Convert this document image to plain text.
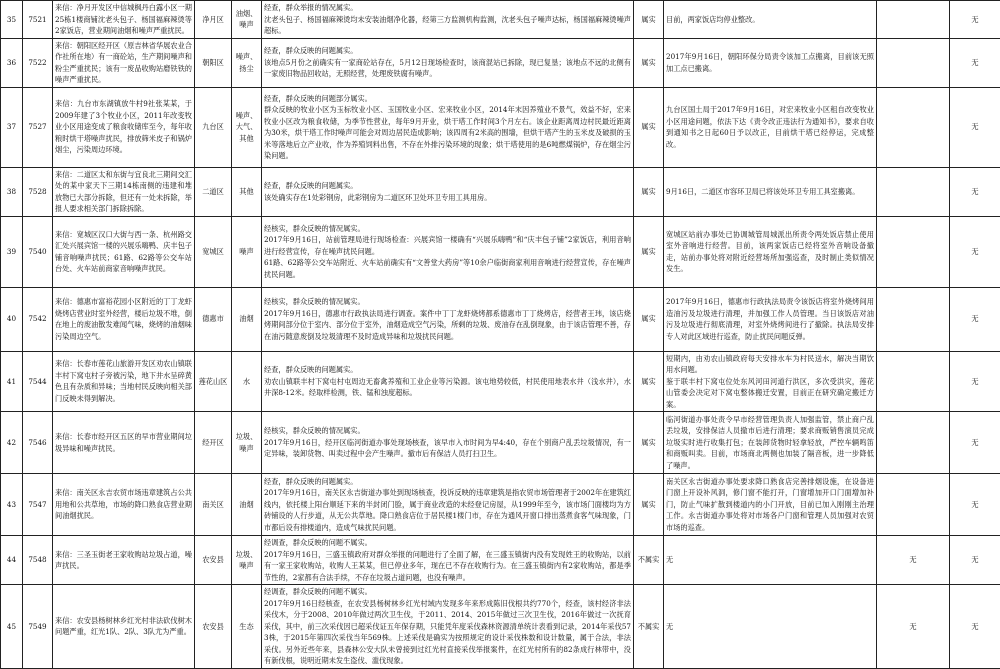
35	7521	来信：净月开发区中信城枫丹白露小区一期25栋1楼商铺沈老头包子、杨国福麻辣烫等2家饭店，营业期间油烟和噪声严重扰民。	净月区	油烟、噪声	经查，群众举报的情况属实。
沈老头包子、杨国福麻辣烫均未安装油烟净化器，经第三方监测机构监测，沈老头包子噪声达标，杨国福麻辣烫噪声超标。	属实	目前，两家饭店均停业整改。		无
36	7522	来信：朝阳区经开区（原吉林省华展农业合作社所在地）有一商砼站，生产期间噪声和粉尘严重扰民；该有一废品收购站磨铁铁的噪声严重扰民。	朝阳区	噪声、扬尘	经查，群众反映的问题属实。
该地点5月份之前确实有一家商砼站存在，5月12日现场检查时，该商混站已拆除，现已复垦；该地点不远的北侧有一家废旧物品回收站，无照经营，处理废铁腐有噪声。	属实	2017年9月16日，朝阳环保分局责令该加工点搬离，目前该无照加工点已搬离。		无
37	7527	来信：九台市东湖镇放牛村9社张某某，于2009年建了3个牧业小区，2011年改变牧业小区用途变成了粮食收储库至今，每年收粮时烘干塔噪声扰民，排放筛米皮子和锅炉烟尘，污染周边环境。	九台区	噪声、大气、其他	经查，群众反映的问题部分属实。
群众反映的牧业小区为玉标牧业小区、玉国牧业小区、宏来牧业小区，2014年末因养殖业不景气，效益不好，宏来牧业小区改为粮食收储，为季节性营业，每年9月开业，烘干塔工作时间3个月左右。该企业距离周边村民最近距离为30米，烘干塔工作时噪声可能会对周边居民造成影响；该四周有2米高的围墙，但烘干塔产生的玉米皮及破损的玉米等落地后立产业收，作为养殖饲料出售，不存在外排污染环境的现象；烘干塔使用的是6吨燃煤锅炉，存在烟尘污染问题。	属实	九台区国土局于2017年9月16日，对宏来牧业小区租自改变牧业小区用途问题，依法下达《责令改正违法行为通知书》，要求自收到通知书之日起60日予以改正，目前烘干塔已经停运，完成整改。		无
38	7528	来信：二道区太和东街与宜良北三期间交汇处的某中家天下三期14栋南侧的违建和堆放物已大部分拆除，但还有一处未拆除，举报人要求相关部门拆除拆除。	二道区	其他	经查，群众反映的问题属实。
该处确实存在1处彩钢房，此彩钢房为二道区环卫处环卫专用工具用房。	属实	9月16日，二道区市容环卫局已将该处环卫专用工具室搬离。		无
39	7540	来信：宽城区汉口大街与西一条、杭州路交汇处兴展宾馆一楼的兴展乐嗨鸭、庆丰包子铺音响噪声扰民；61路、62路等公交车站台处、火车站前商家音响噪声扰民。	宽城区	噪声	经核实，群众反映的情况属实。
2017年9月16日，站前管理局进行现场检查：兴展宾馆一楼确有“兴展乐嗨鸭”和“庆丰包子铺”2家饭店，利用音响进行经营宣传，存在噪声扰民问题。
61路、62路等公交车站附近、火车站前确实有“文善堂大药房”等10余户临街商家利用音响进行经营宣传，存在噪声扰民问题。	属实	宽城区站前办事处已协调城管局城派出所责令两处饭店禁止使用室外音响进行经营。目前，该两家饭店已经将室外音响设备撤走，站前办事处将对附近经营场所加强巡查，及时制止类似情况发生。		无
40	7542	来信：德惠市富裕花园小区附近的丁丁龙虾烧烤店营业时室外经营，楼后垃圾不堆，倒在地上的废油散发难闻气味，烧烤的油烟味污染周边空气。	德惠市	油烟	经核实，群众反映的情况属实。
2017年9月16日，德惠市行政执法局进行调查。案件中丁丁龙虾烧烤都系德惠市丁丁烧烤店，经营者王玮，该店烧烤期间部分位于室内、部分位于室外，油烟造成空气污染，所剩的垃圾、废油存在乱倒现象，由于该店管理不善，存在油污随意废倒及垃圾清理不及时造成异味和垃圾扰民问题。	属实	2017年9月16日，德惠市行政执法局责令该饭店将室外烧烤间用造油污及垃圾进行清理，并加强工作人员管理。当日该饭店对油污及垃圾进行彻底清理，对室外烧烤间进行了撤除。执法局安排专人对此区域进行巡查，防止扰民问题反弹。		无
41	7544	来信：长春市莲花山旅游开发区劝农山镇联丰村下窝屯村子旁被污染，地下井水呈碎黄色且有杂质和异味；当地村民反映向相关部门反映未得到解决。	莲花山区	水	经查，群众反映的问题属实。
劝农山镇联丰村下窝屯村屯周边无畜禽养殖和工业企业等污染源。该屯地势较低，村民使用地表水井（浅水井），水井深8-12米。经取样检测，铁、锰和浊度超标。	属实	短期内，由劝农山镇政府每天安排水车为村民送水，解决当期饮用水问题。
鉴于联丰村下窝屯位处东风河田河道行洪区，多次受洪灾，莲花山管委会决定对下窝屯整体搬迁安置，目前正在研究确定搬迁方案。		无
42	7546	来信：长春市经开区五区的早市营业期间垃圾异味和噪声扰民。	经开区	垃圾、噪声	经核实，群众反映的情况属实。
2017年9月16日，经开区临河街道办事处现场核查，该早市入市时间为早4:40，存在个别商户乱丢垃圾情况，有一定异味，装卸货物、叫卖过程中会产生噪声。撤市后有保洁人员打扫卫生。	属实	临河街道办事处责令早市经营管理负责人加强监管，禁止商户乱丢垃圾，安排保洁人员撤市后进行清理；要求商贩销售演员完成垃圾实时进行收集打包；在装卸货物时轻拿轻放，严控车辆鸣笛和商贩叫卖。目前，市场商北两侧也加装了隔音板，进一步降低了噪声。		无
43	7547	来信：南关区永吉农贸市场违章建筑占公共用地和公共草地，市场的降口熟食店营业期间油烟扰民。	南关区	油烟	经查，群众反映的问题属实。
2017年9月16日，南关区永吉街道办事处到现场核查，投诉反映的违章建筑是指农贸市场管理者于2002年在建筑红线内，依托楼上阳台顺延下来的半封闭门脸，属于商业改造的未经登记房屋，从1999年至今，该市场门面楼均为方砖铺设的人行步道，从无公共草地。降口熟食店位于居民楼1楼门市，存在为通风开窗口排出蒸煮食客气味现象，门市都后设有排楼道内，造成气味扰民问题。	属实	南关区永吉街道办事处要求降口熟食店完善排烟设施，在设备进门窗上开设补风洞，修门窗不能打开，门窗增加开口门面增加补门，防止气味扩散到楼道内的小门开放，目前已加入刚刚主治理工作。永吉街道办事处将对市场各户门窗和管理人员加强对农贸市场的巡查。		无
44	7548	来信：三圣玉街老王家收购站垃圾占道，噪声扰民。	农安县	垃圾、噪声	经调查，群众反映的问题不属实。
2017年9月16日，三盛玉镇政府对群众举报的问题进行了全面了解，在三盛玉镇街内没有发现姓王的收购站，以前有一家王家收购站，收购人王某某，但已停业多年，现在已不存在收购行为。在三盛玉镇街内有2家收购站，都是季节性的，2家都有合法手续，不存在垃圾占道问题，也没有噪声。	不属实	无	无	无
45	7549	来信：农安县杨树林乡红光村非法砍伐树木问题严重，红光1队、2队、3队尤为严重。	农安县	生态	经调查，群众反映的问题不属实。
2017年9月16日经核查，在农安县杨树林乡红光村域内发现多年来形成陈旧伐根共约770个，经查，该村经济非法采伐木，分于2008、2010年做过两次卫生伐，于2011、2014、2015年做过三次卫生伐，2016年做过一次抚育采伐，其中，前三次采伐因已超采伐证五年保存期，只能凭年度采伐森林资源清单统计表看到记录，2014年采伐573株，于2015年第四次采伐当年569株。上述采伐是确实为按照规定的设计采伐株数和设计数量，属于合法，非法采伐。另外近些年来，县森林公安大队未曾接到过红光村直接采伐举报案件，在红光村所有的82条成行林带中，没有新伐根，说明近期未发生盗伐、滥伐现象。	不属实	无	无	无
